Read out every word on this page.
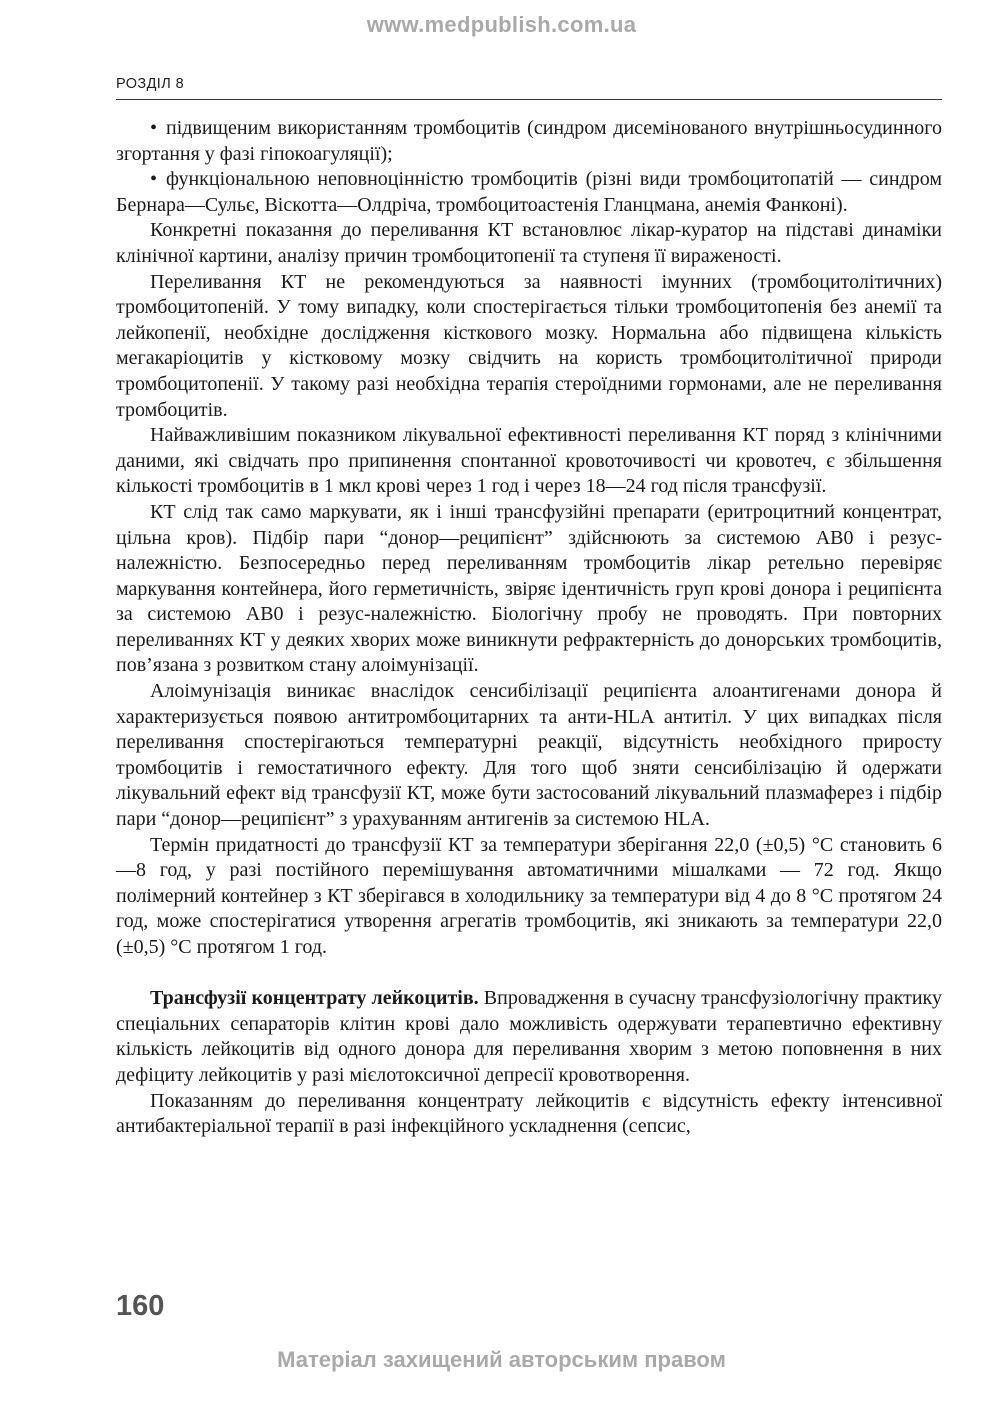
www.medpublish.com.ua
РОЗДІЛ 8

• підвищеним використанням тромбоцитів (синдром дисемінованого внутрішньосудинного згортання у фазі гіпокоагуляції);

• функціональною неповноцінністю тромбоцитів (різні види тромбоцитопатій — синдром Бернара—Сульє, Віскотта—Олдріча, тромбоцитоастенія Гланцмана, анемія Фанконі).

Конкретні показання до переливання КТ встановлює лікар-куратор на підставі динаміки клінічної картини, аналізу причин тромбоцитопенії та ступеня її вираженості.

Переливання КТ не рекомендуються за наявності імунних (тромбоцитолітичних) тромбоцитопеній. У тому випадку, коли спостерігається тільки тромбоцитопенія без анемії та лейкопенії, необхідне дослідження кісткового мозку. Нормальна або підвищена кількість мегакаріоцитів у кістковому мозку свідчить на користь тромбоцитолітичної природи тромбоцитопенії. У такому разі необхідна терапія стероїдними гормонами, але не переливання тромбоцитів.

Найважливішим показником лікувальної ефективності переливання КТ поряд з клінічними даними, які свідчать про припинення спонтанної кровоточивості чи кровотеч, є збільшення кількості тромбоцитів в 1 мкл крові через 1 год і через 18—24 год після трансфузії.

КТ слід так само маркувати, як і інші трансфузійні препарати (еритроцитний концентрат, цільна кров). Підбір пари “донор—реципієнт” здійснюють за системою АВ0 і резус-належністю. Безпосередньо перед переливанням тромбоцитів лікар ретельно перевіряє маркування контейнера, його герметичність, звіряє ідентичність груп крові донора і реципієнта за системою АВ0 і резус-належністю. Біологічну пробу не проводять. При повторних переливаннях КТ у деяких хворих може виникнути рефрактерність до донорських тромбоцитів, пов’язана з розвитком стану алоімунізації.

Алоімунізація виникає внаслідок сенсибілізації реципієнта алоантигенами донора й характеризується появою антитромбоцитарних та анти-HLA антитіл. У цих випадках після переливання спостерігаються температурні реакції, відсутність необхідного приросту тромбоцитів і гемостатичного ефекту. Для того щоб зняти сенсибілізацію й одержати лікувальний ефект від трансфузії КТ, може бути застосований лікувальний плазмаферез і підбір пари “донор—реципієнт” з урахуванням антигенів за системою HLA.

Термін придатності до трансфузії КТ за температури зберігання 22,0 (±0,5) °С становить 6—8 год, у разі постійного перемішування автоматичними мішалками — 72 год. Якщо полімерний контейнер з КТ зберігався в холодильнику за температури від 4 до 8 °С протягом 24 год, може спостерігатися утворення агрегатів тромбоцитів, які зникають за температури 22,0 (±0,5) °С протягом 1 год.

Трансфузії концентрату лейкоцитів. Впровадження в сучасну трансфузіологічну практику спеціальних сепараторів клітин крові дало можливість одержувати терапевтично ефективну кількість лейкоцитів від одного донора для переливання хворим з метою поповнення в них дефіциту лейкоцитів у разі мієлотоксичної депресії кровотворення.

Показанням до переливання концентрату лейкоцитів є відсутність ефекту інтенсивної антибактеріальної терапії в разі інфекційного ускладнення (сепсис,

160
Матеріал захищений авторським правом
